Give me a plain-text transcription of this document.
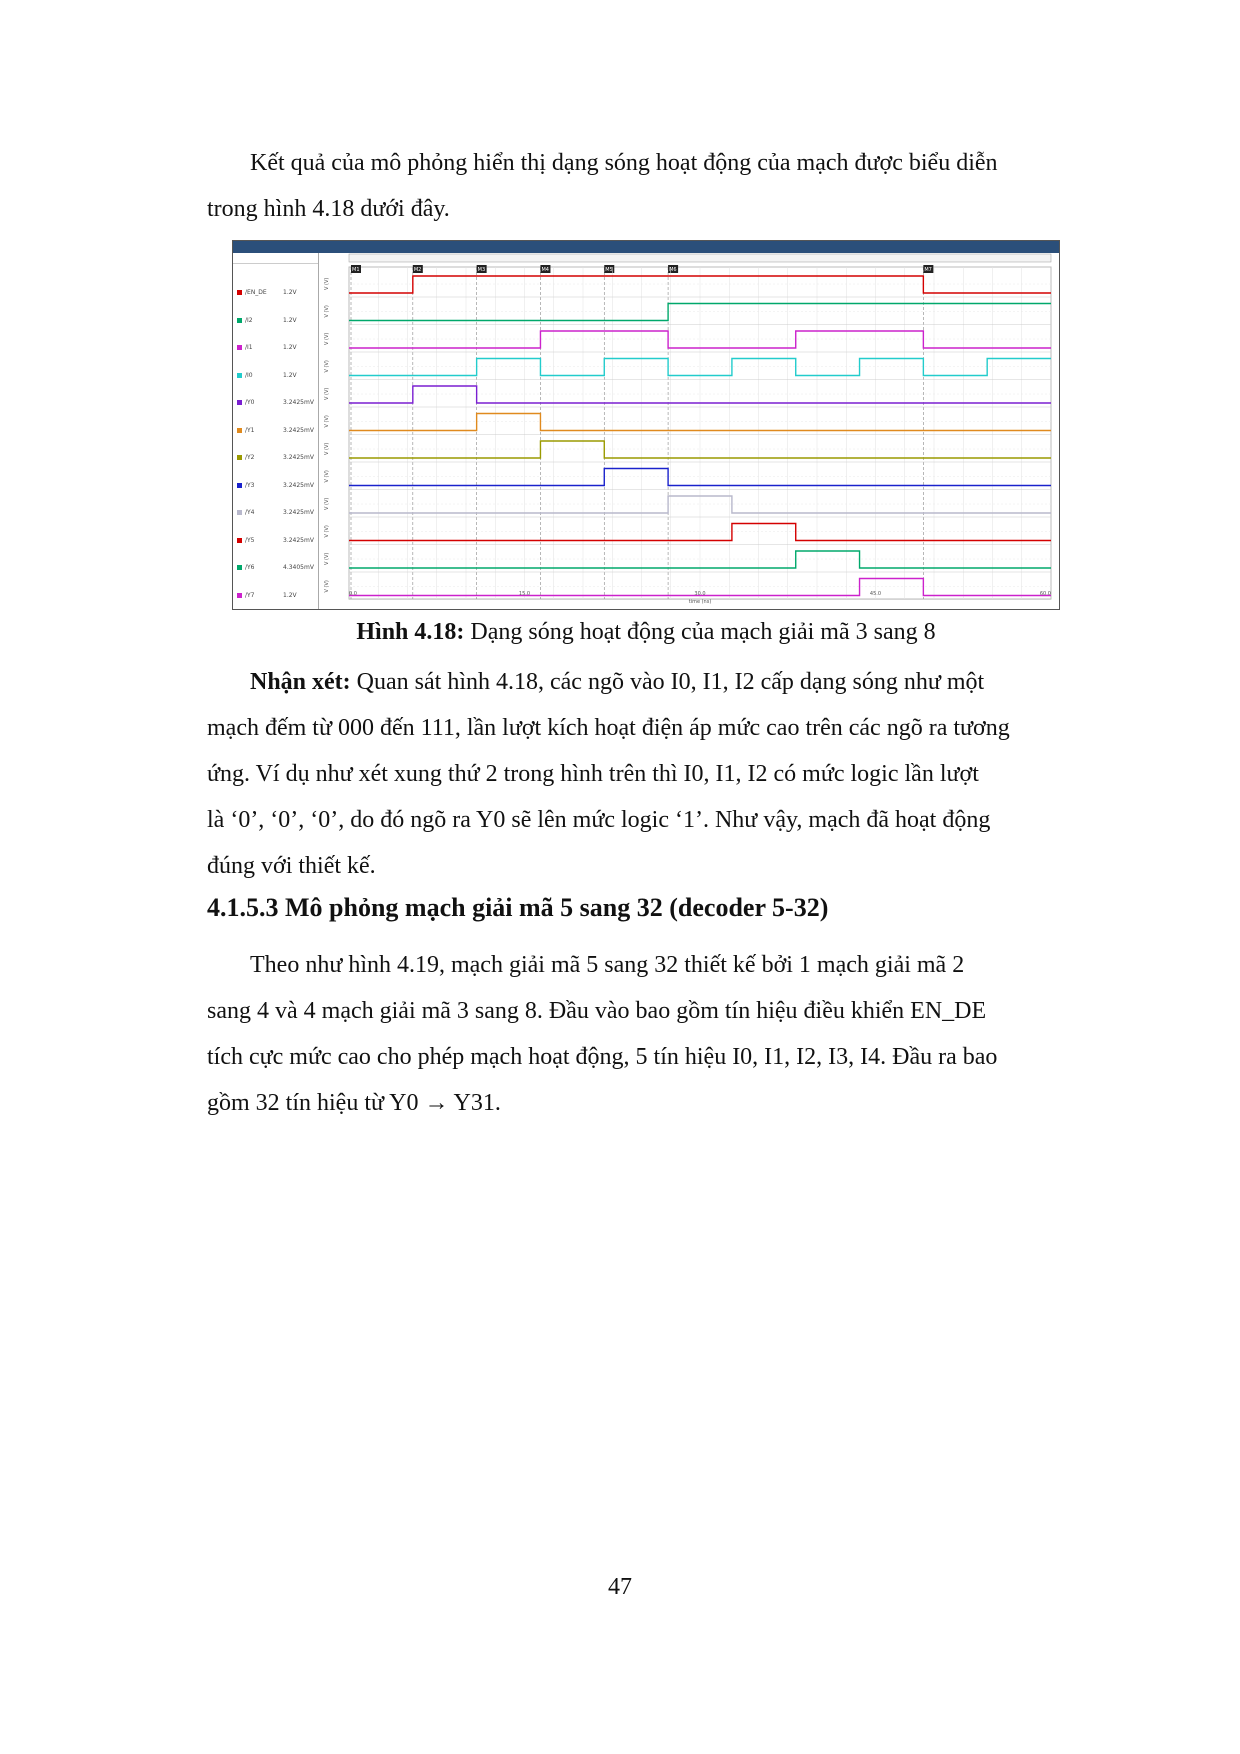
Kết quả của mô phỏng hiển thị dạng sóng hoạt động của mạch được biểu diễn
trong hình 4.18 dưới đây.
/EN_DE	1.2V
/I2	1.2V
/I1	1.2V
/I0	1.2V
/Y0	3.2425mV
/Y1	3.2425mV
/Y2	3.2425mV
/Y3	3.2425mV
/Y4	3.2425mV
/Y5	3.2425mV
/Y6	4.3405mV
/Y7	1.2V
M1	M2	M3	M4	M5	M6	M7
V (V)
V (V)
V (V)
V (V)
V (V)
V (V)
V (V)
V (V)
V (V)
V (V)
V (V)
V (V)
0.0	15.0	30.0	45.0	60.0
time (ns)
Hình 4.18: Dạng sóng hoạt động của mạch giải mã 3 sang 8
Nhận xét: Quan sát hình 4.18, các ngõ vào I0, I1, I2 cấp dạng sóng như một
mạch đếm từ 000 đến 111, lần lượt kích hoạt điện áp mức cao trên các ngõ ra tương
ứng. Ví dụ như xét xung thứ 2 trong hình trên thì I0, I1, I2 có mức logic lần lượt
là ‘0’, ‘0’, ‘0’, do đó ngõ ra Y0 sẽ lên mức logic ‘1’. Như vậy, mạch đã hoạt động
đúng với thiết kế.
4.1.5.3 Mô phỏng mạch giải mã 5 sang 32 (decoder 5-32)
Theo như hình 4.19, mạch giải mã 5 sang 32 thiết kế bởi 1 mạch giải mã 2
sang 4 và 4 mạch giải mã 3 sang 8. Đầu vào bao gồm tín hiệu điều khiển EN_DE
tích cực mức cao cho phép mạch hoạt động, 5 tín hiệu I0, I1, I2, I3, I4. Đầu ra bao
gồm 32 tín hiệu từ Y0 → Y31.
47
